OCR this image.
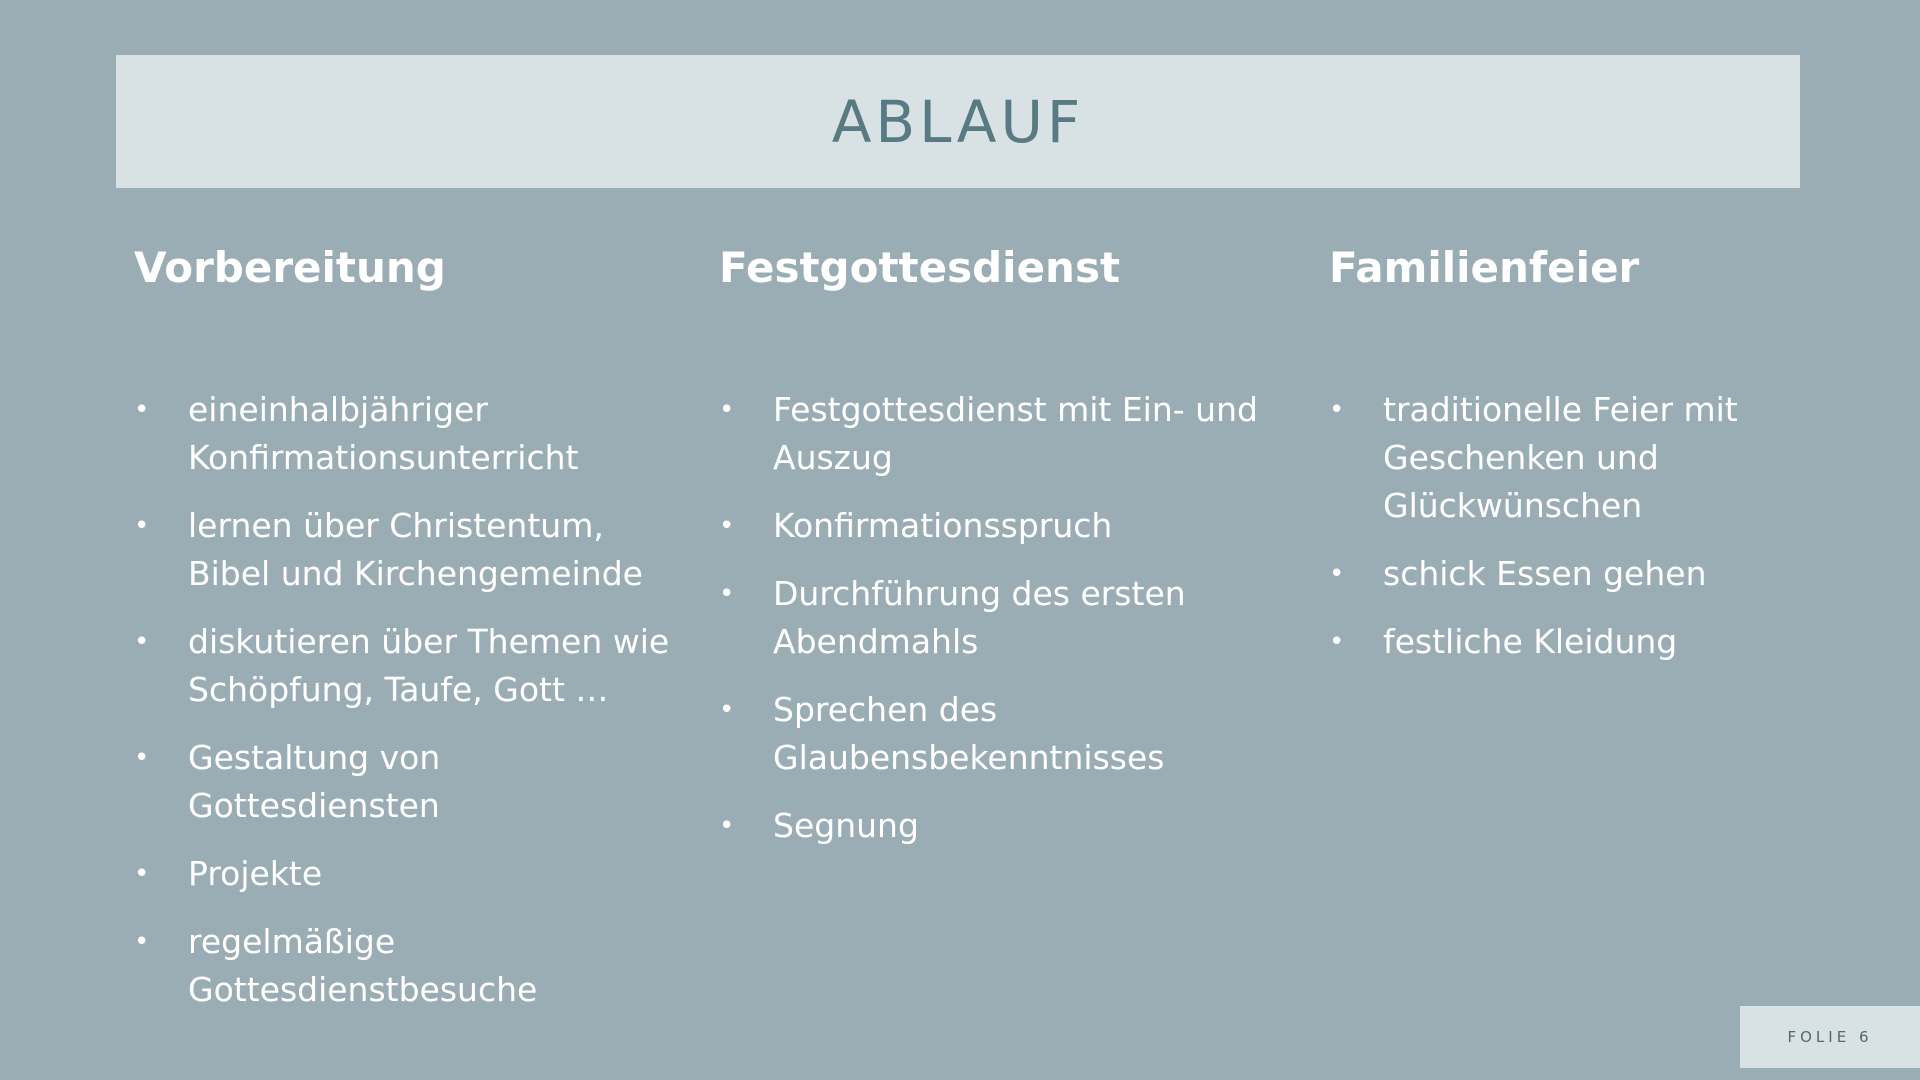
ABLAUF
Vorbereitung
• eineinhalbjähriger Konfirmationsunterricht
• lernen über Christentum, Bibel und Kirchengemeinde
• diskutieren über Themen wie Schöpfung, Taufe, Gott …
• Gestaltung von Gottesdiensten
• Projekte
• regelmäßige Gottesdienstbesuche
Festgottesdienst
• Festgottesdienst mit Ein- und Auszug
• Konfirmationsspruch
• Durchführung des ersten Abendmahls
• Sprechen des Glaubensbekenntnisses
• Segnung
Familienfeier
• traditionelle Feier mit Geschenken und Glückwünschen
• schick Essen gehen
• festliche Kleidung
FOLIE 6
